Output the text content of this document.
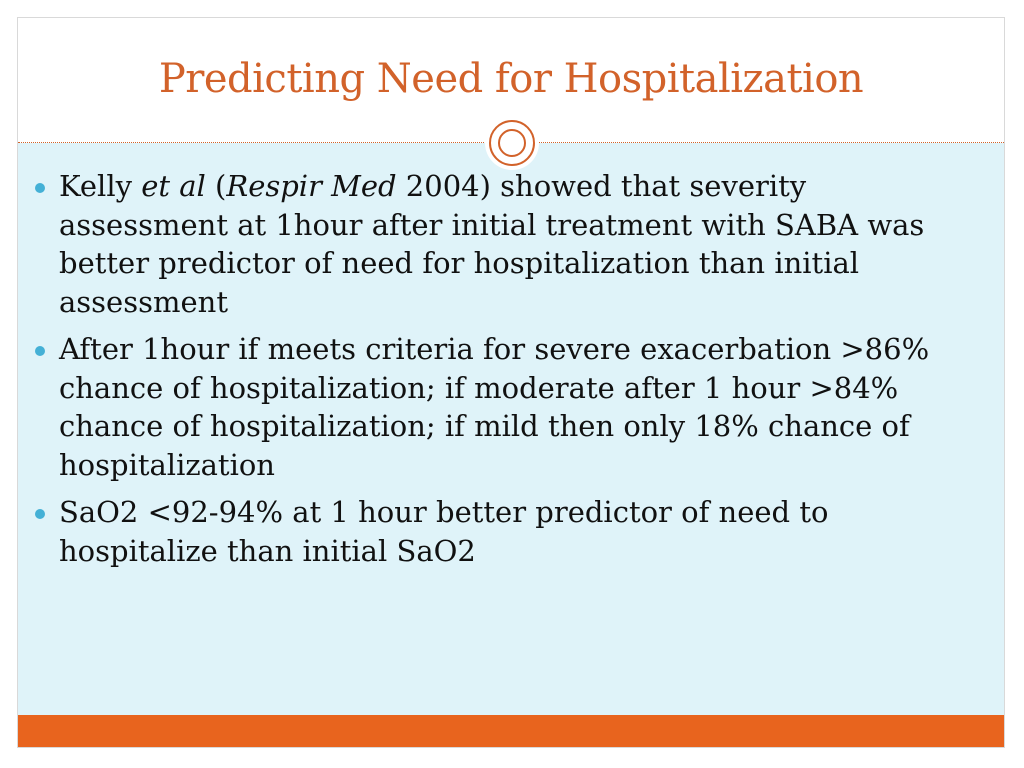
Predicting Need for Hospitalization
Kelly et al (Respir Med 2004) showed that severity assessment at 1hour after initial treatment with SABA was better predictor of need for hospitalization than initial assessment
After 1hour if meets criteria for severe exacerbation >86% chance of hospitalization; if moderate after 1 hour >84% chance of hospitalization; if mild then only 18% chance of hospitalization
SaO2 <92-94% at 1 hour better predictor of need to hospitalize than initial SaO2
